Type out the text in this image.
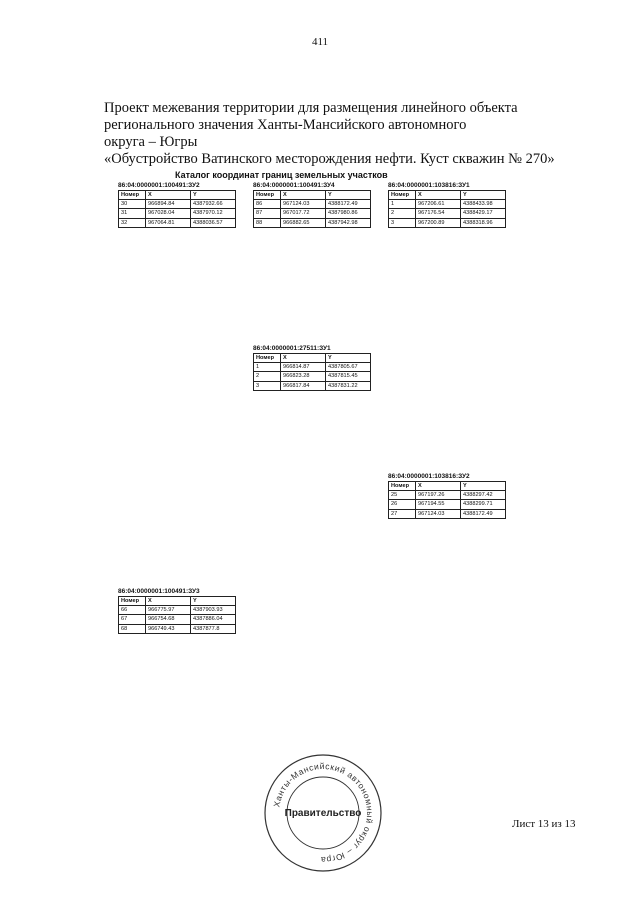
411
Проект межевания территории для размещения линейного объекта
регионального значения Ханты-Мансийского автономного
округа – Югры
«Обустройство Ватинского месторождения нефти. Куст скважин № 270»
Каталог координат границ земельных участков
86:04:0000001:100491:ЗУ2
Номер	X	Y
30	966894.84	4387932.66
31	967028.04	4387970.12
32	967064.81	4388036.57
86:04:0000001:100491:ЗУ3
Номер	X	Y
66	966775.97	4387903.93
67	966754.68	4387886.04
68	966749.43	4387877.8
86:04:0000001:100491:ЗУ4
Номер	X	Y
86	967124.03	4388172.49
87	967017.72	4387980.86
88	966882.65	4387942.98
86:04:0000001:27511:ЗУ1
Номер	X	Y
1	966814.87	4387805.67
2	966823.28	4387815.45
3	966817.84	4387831.22
86:04:0000001:103816:ЗУ1
Номер	X	Y
1	967206.61	4388433.98
2	967176.54	4388429.17
3	967200.89	4388318.96
86:04:0000001:103816:ЗУ2
Номер	X	Y
25	967197.26	4388297.42
26	967194.55	4388299.71
27	967124.03	4388172.49
Ханты-Мансийский автономный округ – Югра
Правительство
Лист 13 из 13
